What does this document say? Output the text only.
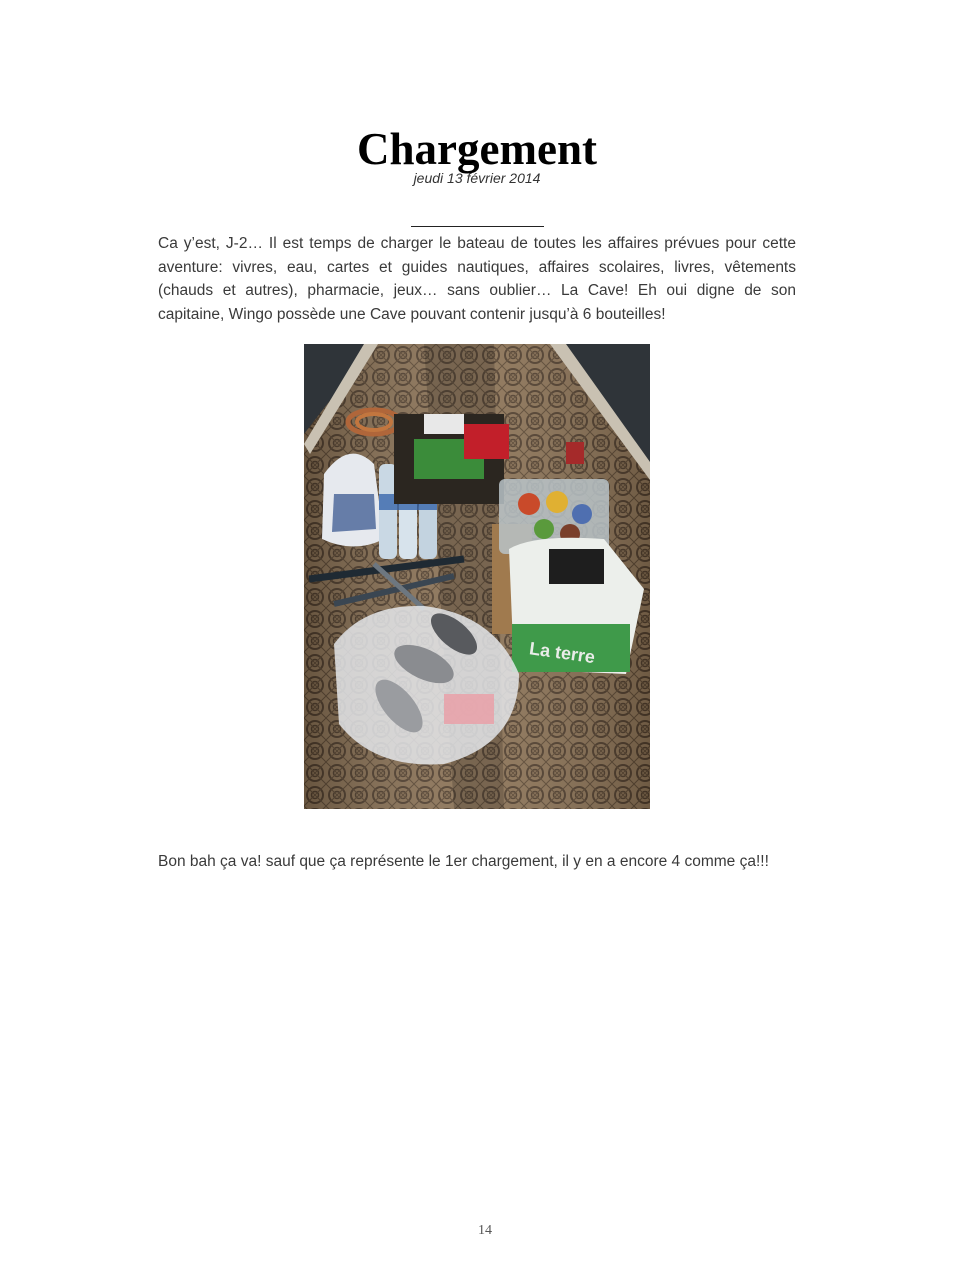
Chargement
jeudi 13 février 2014

Ca y’est, J-2… Il est temps de charger le bateau de toutes les affaires prévues pour cette aventure: vivres, eau, cartes et guides nautiques, affaires scolaires, livres, vêtements (chauds et autres), pharmacie, jeux… sans oublier… La Cave! Eh oui digne de son capitaine, Wingo possède une Cave pouvant contenir jusqu’à 6 bouteilles!

La terre

Bon bah ça va! sauf que ça représente le 1er chargement, il y en a encore 4 comme ça!!!

14
